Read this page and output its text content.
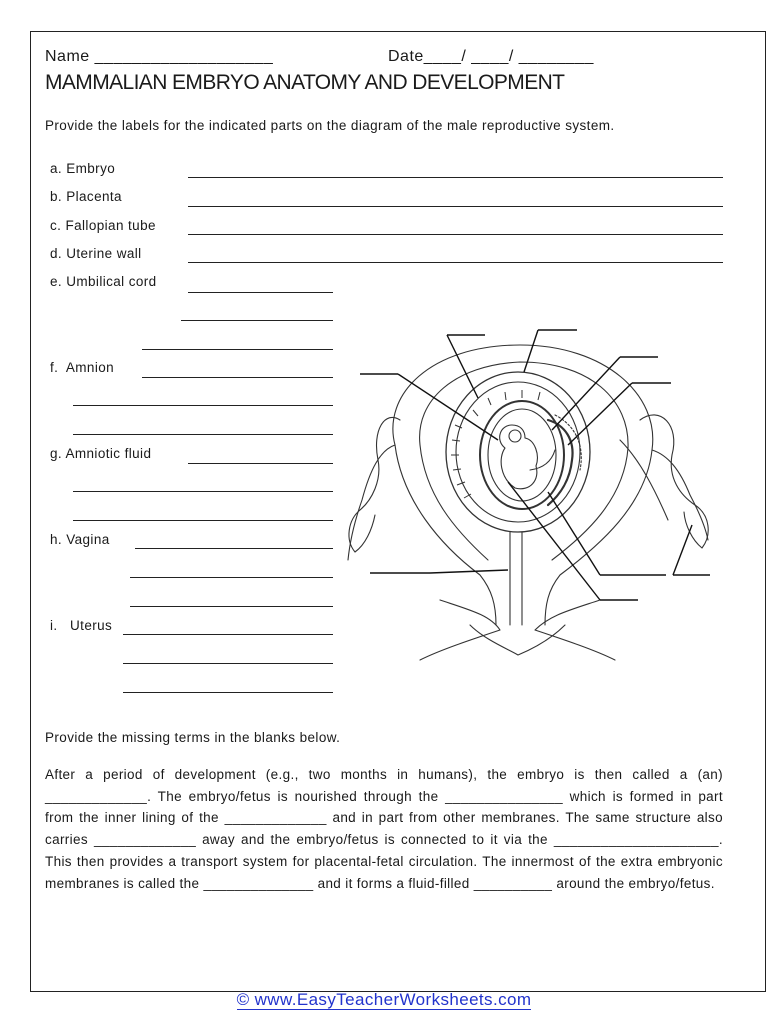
Name ___________________	Date____/ ____/ ________
MAMMALIAN EMBRYO ANATOMY AND DEVELOPMENT
Provide the labels for the indicated parts on the diagram of the male reproductive system.
a. Embryo
b. Placenta
c. Fallopian tube
d. Uterine wall
e. Umbilical cord
f. Amnion
g. Amniotic fluid
h. Vagina
i. Uterus
Provide the missing terms in the blanks below.

After a period of development (e.g., two months in humans), the embryo is then called a (an) _____________. The embryo/fetus is nourished through the _______________ which is formed in part from the inner lining of the _____________ and in part from other membranes. The same structure also carries _____________ away and the embryo/fetus is connected to it via the _____________________. This then provides a transport system for placental-fetal circulation. The innermost of the extra embryonic membranes is called the ______________ and it forms a fluid-filled __________ around the embryo/fetus.

© www.EasyTeacherWorksheets.com
